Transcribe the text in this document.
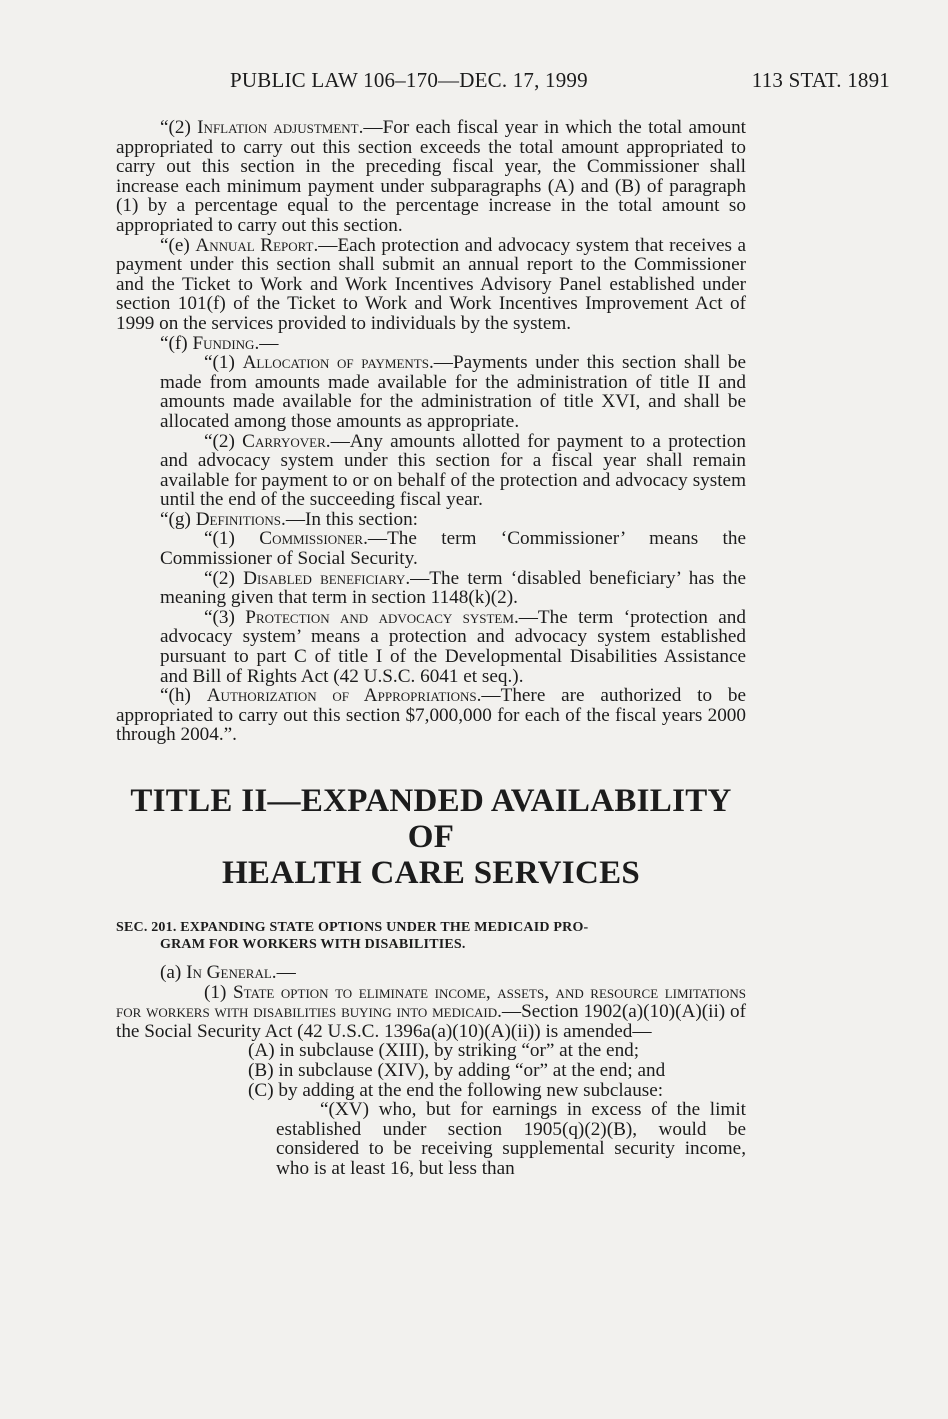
PUBLIC LAW 106–170—DEC. 17, 1999	113 STAT. 1891

“(2) Inflation adjustment.—For each fiscal year in which the total amount appropriated to carry out this section exceeds the total amount appropriated to carry out this section in the preceding fiscal year, the Commissioner shall increase each minimum payment under subparagraphs (A) and (B) of paragraph (1) by a percentage equal to the percentage increase in the total amount so appropriated to carry out this section.

“(e) Annual Report.—Each protection and advocacy system that receives a payment under this section shall submit an annual report to the Commissioner and the Ticket to Work and Work Incentives Advisory Panel established under section 101(f) of the Ticket to Work and Work Incentives Improvement Act of 1999 on the services provided to individuals by the system.

“(f) Funding.—

“(1) Allocation of payments.—Payments under this section shall be made from amounts made available for the administration of title II and amounts made available for the administration of title XVI, and shall be allocated among those amounts as appropriate.

“(2) Carryover.—Any amounts allotted for payment to a protection and advocacy system under this section for a fiscal year shall remain available for payment to or on behalf of the protection and advocacy system until the end of the succeeding fiscal year.

“(g) Definitions.—In this section:

“(1) Commissioner.—The term ‘Commissioner’ means the Commissioner of Social Security.

“(2) Disabled beneficiary.—The term ‘disabled beneficiary’ has the meaning given that term in section 1148(k)(2).

“(3) Protection and advocacy system.—The term ‘protection and advocacy system’ means a protection and advocacy system established pursuant to part C of title I of the Developmental Disabilities Assistance and Bill of Rights Act (42 U.S.C. 6041 et seq.).

“(h) Authorization of Appropriations.—There are authorized to be appropriated to carry out this section $7,000,000 for each of the fiscal years 2000 through 2004.”.

TITLE II—EXPANDED AVAILABILITY OF
HEALTH CARE SERVICES
SEC. 201. EXPANDING STATE OPTIONS UNDER THE MEDICAID PRO-
GRAM FOR WORKERS WITH DISABILITIES.

(a) In General.—

(1) State option to eliminate income, assets, and resource limitations for workers with disabilities buying into medicaid.—Section 1902(a)(10)(A)(ii) of the Social Security Act (42 U.S.C. 1396a(a)(10)(A)(ii)) is amended—

(A) in subclause (XIII), by striking “or” at the end;

(B) in subclause (XIV), by adding “or” at the end; and

(C) by adding at the end the following new subclause:

“(XV) who, but for earnings in excess of the limit established under section 1905(q)(2)(B), would be considered to be receiving supplemental security income, who is at least 16, but less than
